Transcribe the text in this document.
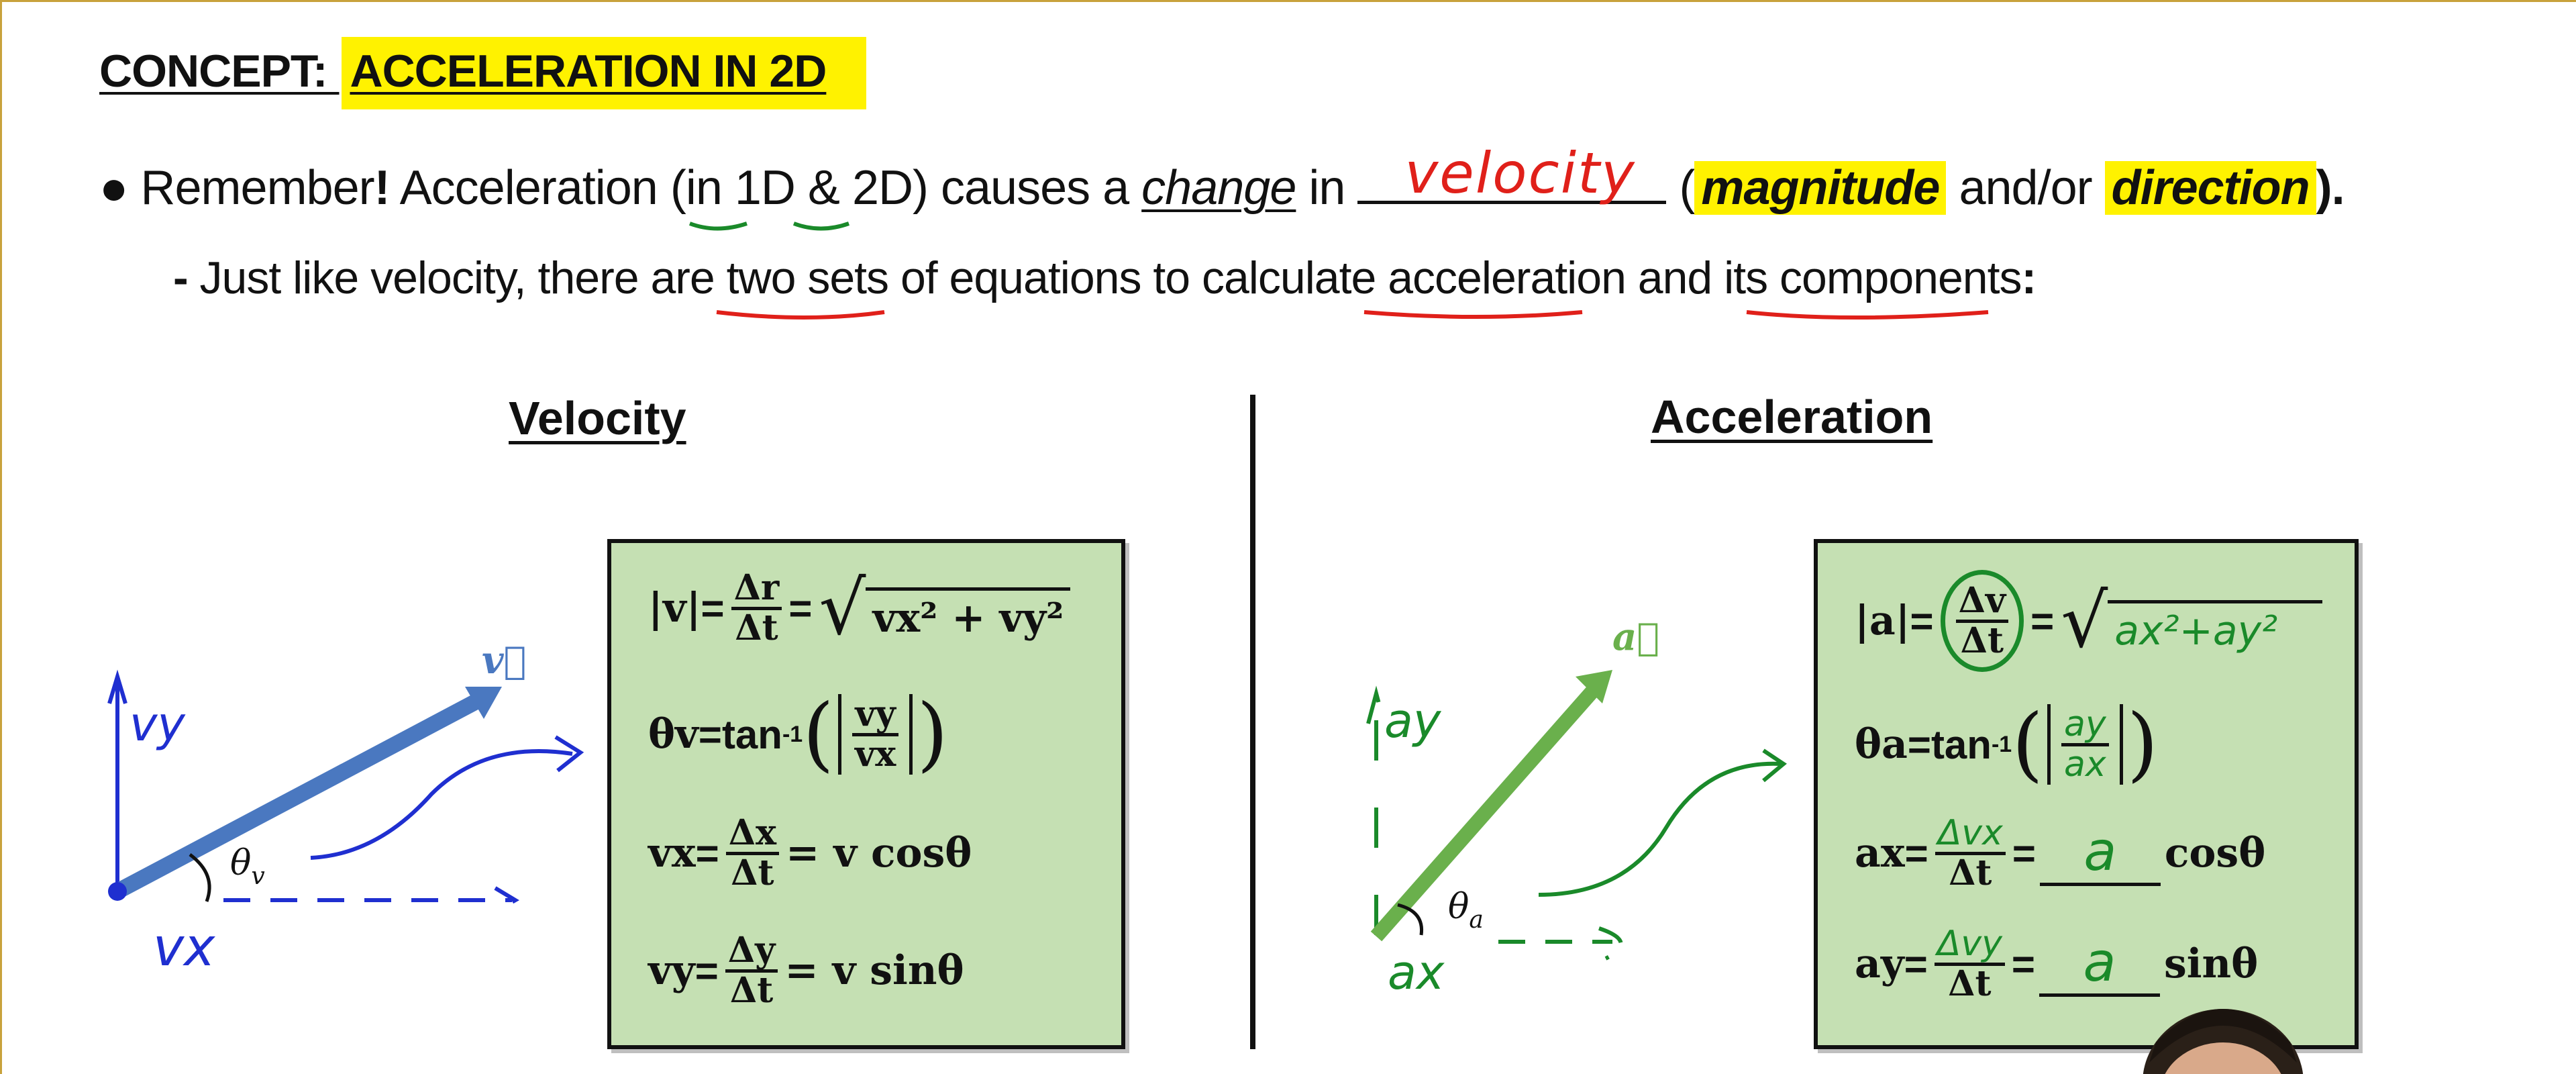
CONCEPT: ACCELERATION IN 2D
● Remember! Acceleration (in 1D & 2D) causes a change in velocity ( magnitude and/or direction ).
- Just like velocity, there are two sets of equations to calculate acceleration and its components:
Velocity	Acceleration
v⃗
vy
vx
$\theta_v$
a⃗
ay
ax
$\theta_a$
$|v| = \frac{\Delta r}{\Delta t}$ = √ vx² + vy²
θv = tan -1 ( $\frac{vy}{vx}$ )
vx = $\frac{\Delta x}{\Delta t} = v$ cosθ
vy = $\frac{\Delta y}{\Delta t} = v$ sinθ
$|a| = \frac{\Delta v}{\Delta t}$ = √ ax²+ay²
θa = tan -1 ( $\frac{ay}{ax}$ )
ax = $\frac{\text{Δvx}}{\Delta t} = a$	cosθ
ay = $\frac{\text{Δvy}}{\Delta t} = a$	sinθ
